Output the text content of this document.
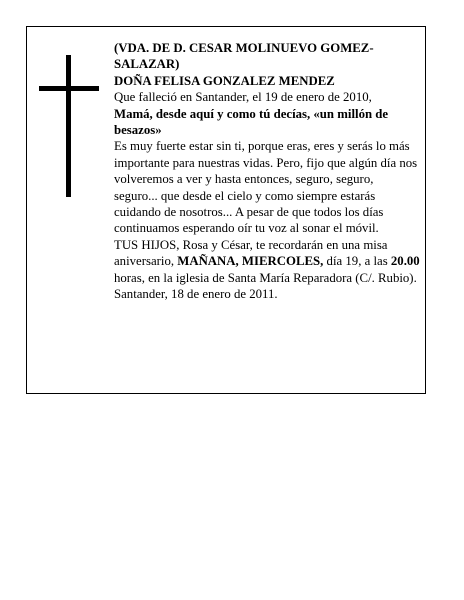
(VDA. DE D. CESAR MOLINUEVO GOMEZ-SALAZAR)

DOÑA FELISA GONZALEZ MENDEZ

Que falleció en Santander, el 19 de enero de 2010,

Mamá, desde aquí y como tú decías, «un millón de besazos»

Es muy fuerte estar sin ti, porque eras, eres y serás lo más importante para nuestras vidas. Pero, fijo que algún día nos volveremos a ver y hasta entonces, seguro, seguro, seguro... que desde el cielo y como siempre estarás cuidando de nosotros... A pesar de que todos los días continuamos esperando oír tu voz al sonar el móvil.

TUS HIJOS, Rosa y César, te recordarán en una misa aniversario, MAÑANA, MIERCOLES, día 19, a las 20.00 horas, en la iglesia de Santa María Reparadora (C/. Rubio).

Santander, 18 de enero de 2011.
